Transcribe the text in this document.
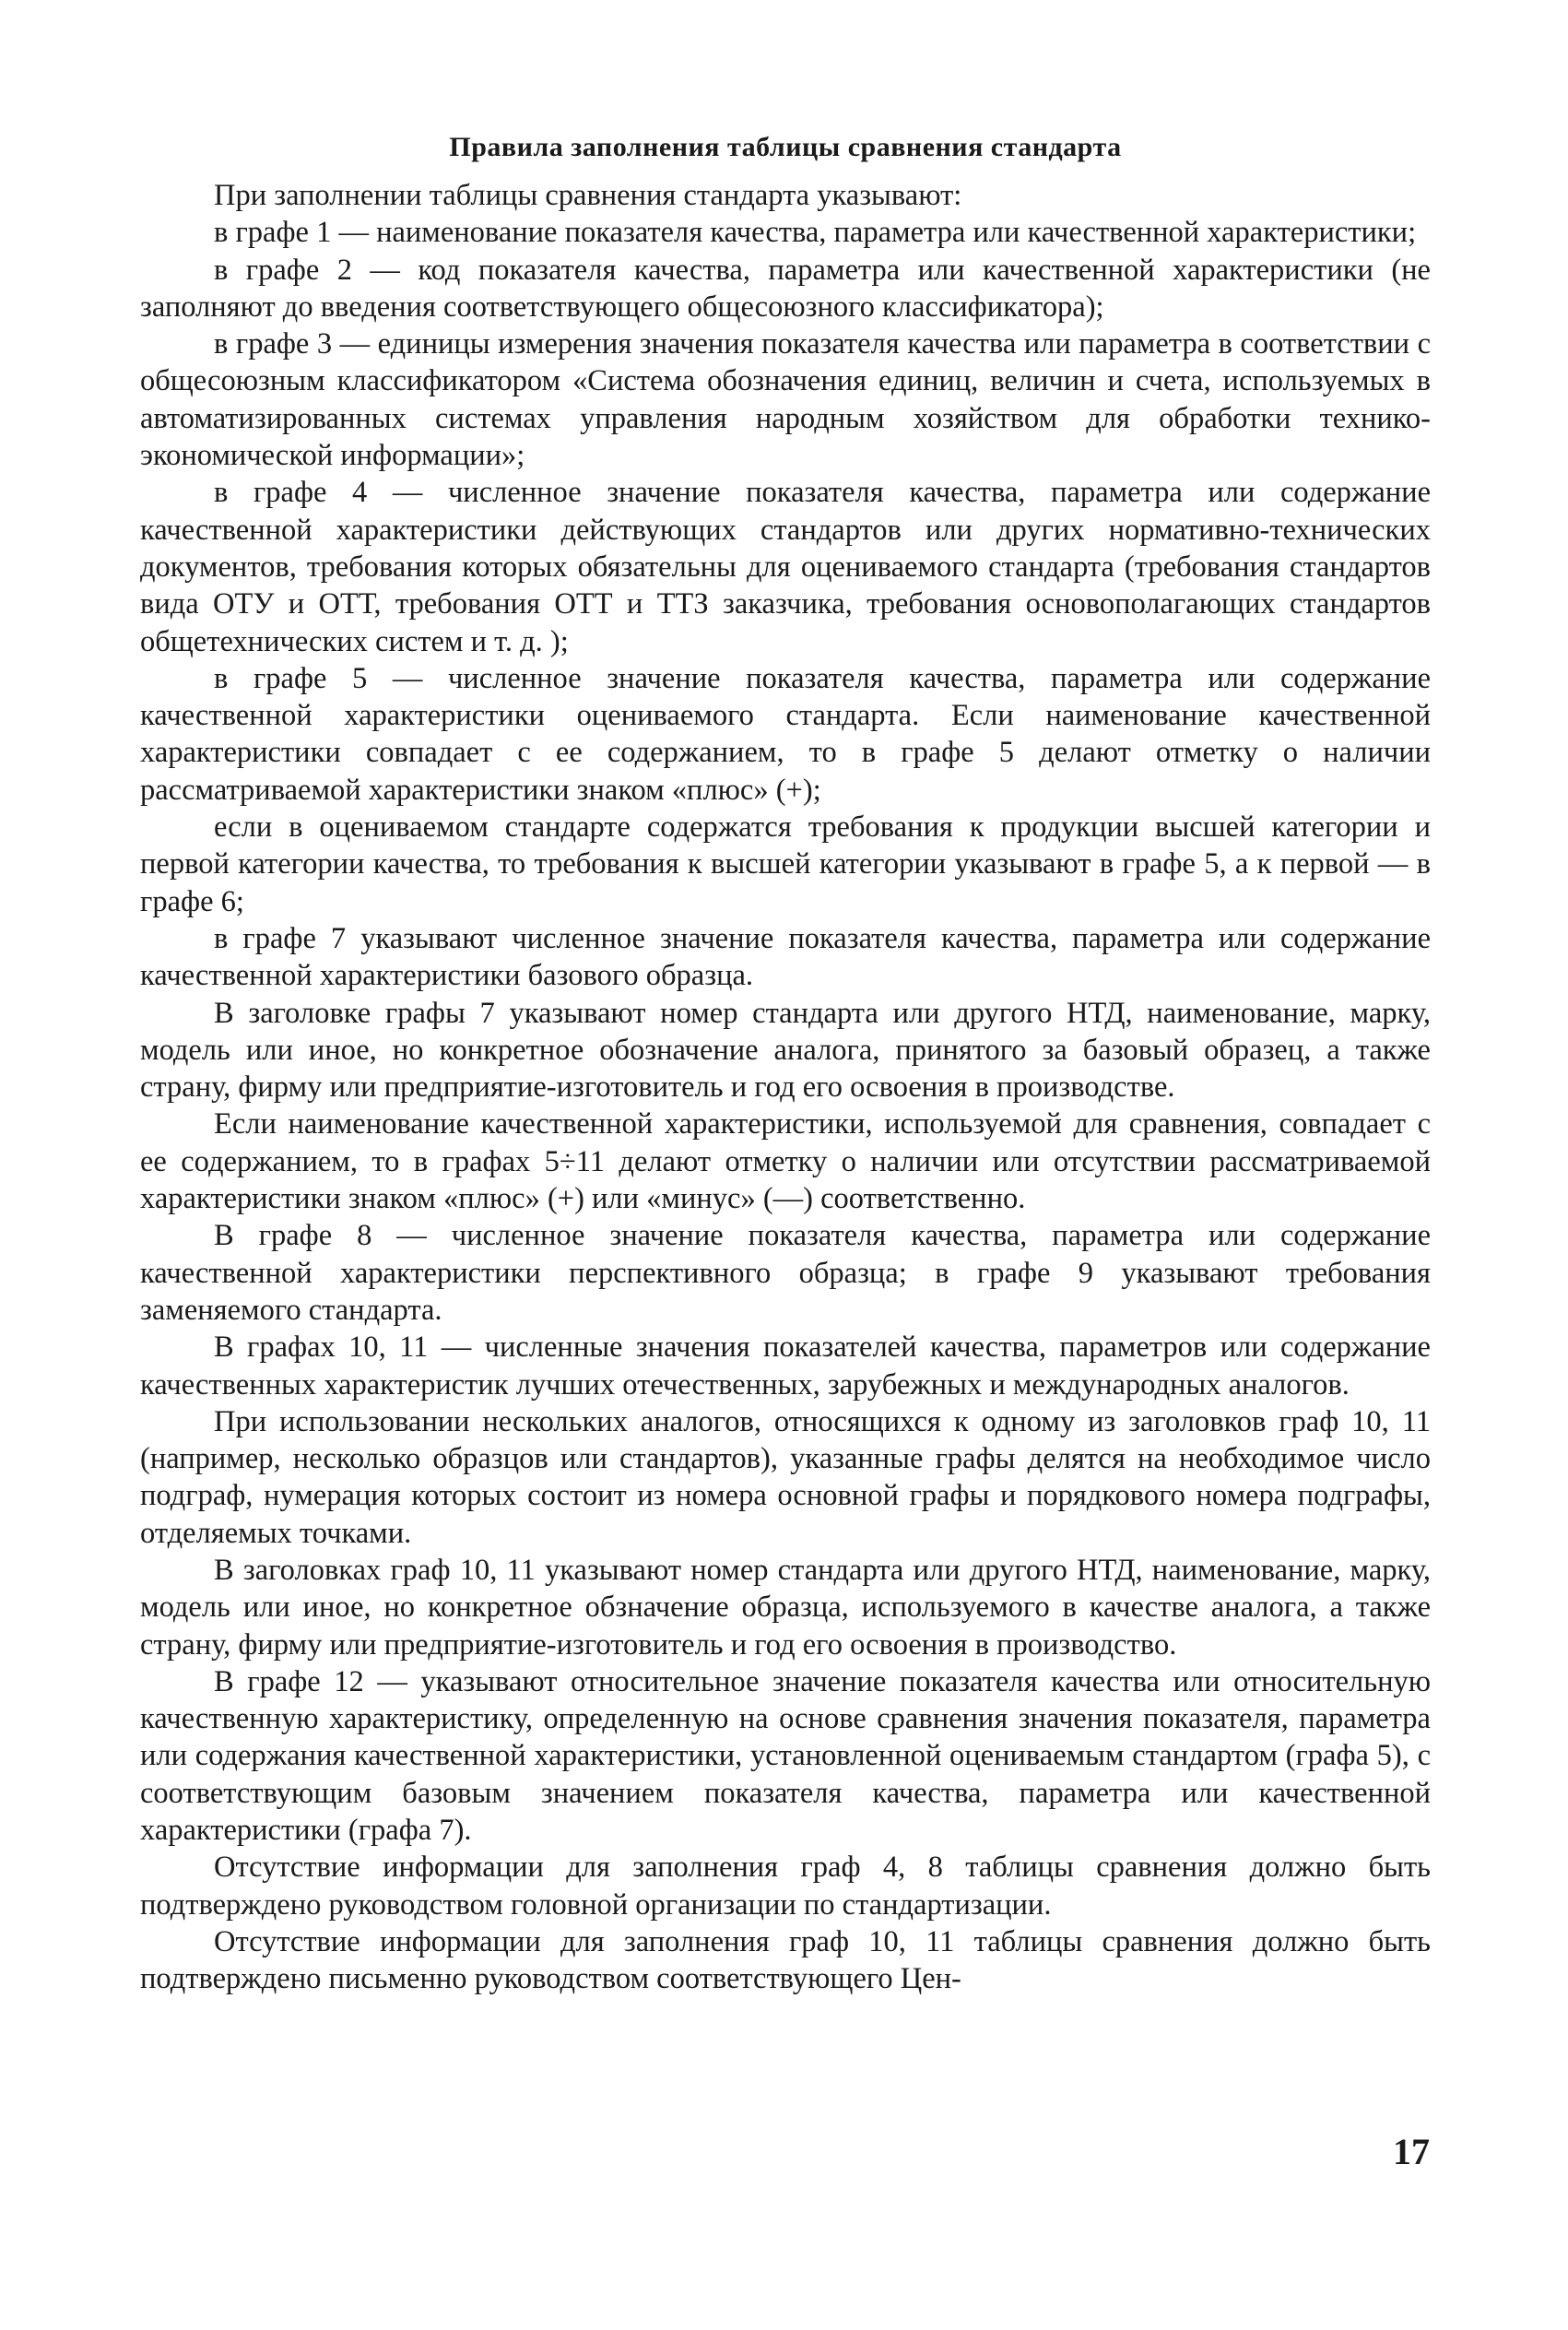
Правила заполнения таблицы сравнения стандарта

При заполнении таблицы сравнения стандарта указывают:

в графе 1 — наименование показателя качества, параметра или качественной характеристики;

в графе 2 — код показателя качества, параметра или качественной характеристики (не заполняют до введения соответствующего общесоюзного классификатора);

в графе 3 — единицы измерения значения показателя качества или параметра в соответствии с общесоюзным классификатором «Система обозначения единиц, величин и счета, используемых в автоматизированных системах управления народным хозяйством для обработки технико-экономической информации»;

в графе 4 — численное значение показателя качества, параметра или содержание качественной характеристики действующих стандартов или других нормативно-технических документов, требования которых обязательны для оцениваемого стандарта (требования стандартов вида ОТУ и ОТТ, требования ОТТ и ТТЗ заказчика, требования основополагающих стандартов общетехнических систем и т. д. );

в графе 5 — численное значение показателя качества, параметра или содержание качественной характеристики оцениваемого стандарта. Если наименование качественной характеристики совпадает с ее содержанием, то в графе 5 делают отметку о наличии рассматриваемой характеристики знаком «плюс» (+);

если в оцениваемом стандарте содержатся требования к продукции высшей категории и первой категории качества, то требования к высшей категории указывают в графе 5, а к первой — в графе 6;

в графе 7 указывают численное значение показателя качества, параметра или содержание качественной характеристики базового образца.

В заголовке графы 7 указывают номер стандарта или другого НТД, наименование, марку, модель или иное, но конкретное обозначение аналога, принятого за базовый образец, а также страну, фирму или предприятие-изготовитель и год его освоения в производстве.

Если наименование качественной характеристики, используемой для сравнения, совпадает с ее содержанием, то в графах 5÷11 делают отметку о наличии или отсутствии рассматриваемой характеристики знаком «плюс» (+) или «минус» (—) соответственно.

В графе 8 — численное значение показателя качества, параметра или содержание качественной характеристики перспективного образца; в графе 9 указывают требования заменяемого стандарта.

В графах 10, 11 — численные значения показателей качества, параметров или содержание качественных характеристик лучших отечественных, зарубежных и международных аналогов.

При использовании нескольких аналогов, относящихся к одному из заголовков граф 10, 11 (например, несколько образцов или стандартов), указанные графы делятся на необходимое число подграф, нумерация которых состоит из номера основной графы и порядкового номера подграфы, отделяемых точками.

В заголовках граф 10, 11 указывают номер стандарта или другого НТД, наименование, марку, модель или иное, но конкретное обзначение образца, используемого в качестве аналога, а также страну, фирму или предприятие-изготовитель и год его освоения в производство.

В графе 12 — указывают относительное значение показателя качества или относительную качественную характеристику, определенную на основе сравнения значения показателя, параметра или содержания качественной характеристики, установленной оцениваемым стандартом (графа 5), с соответствующим базовым значением показателя качества, параметра или качественной характеристики (графа 7).

Отсутствие информации для заполнения граф 4, 8 таблицы сравнения должно быть подтверждено руководством головной организации по стандартизации.

Отсутствие информации для заполнения граф 10, 11 таблицы сравнения должно быть подтверждено письменно руководством соответствующего Цен-

17
